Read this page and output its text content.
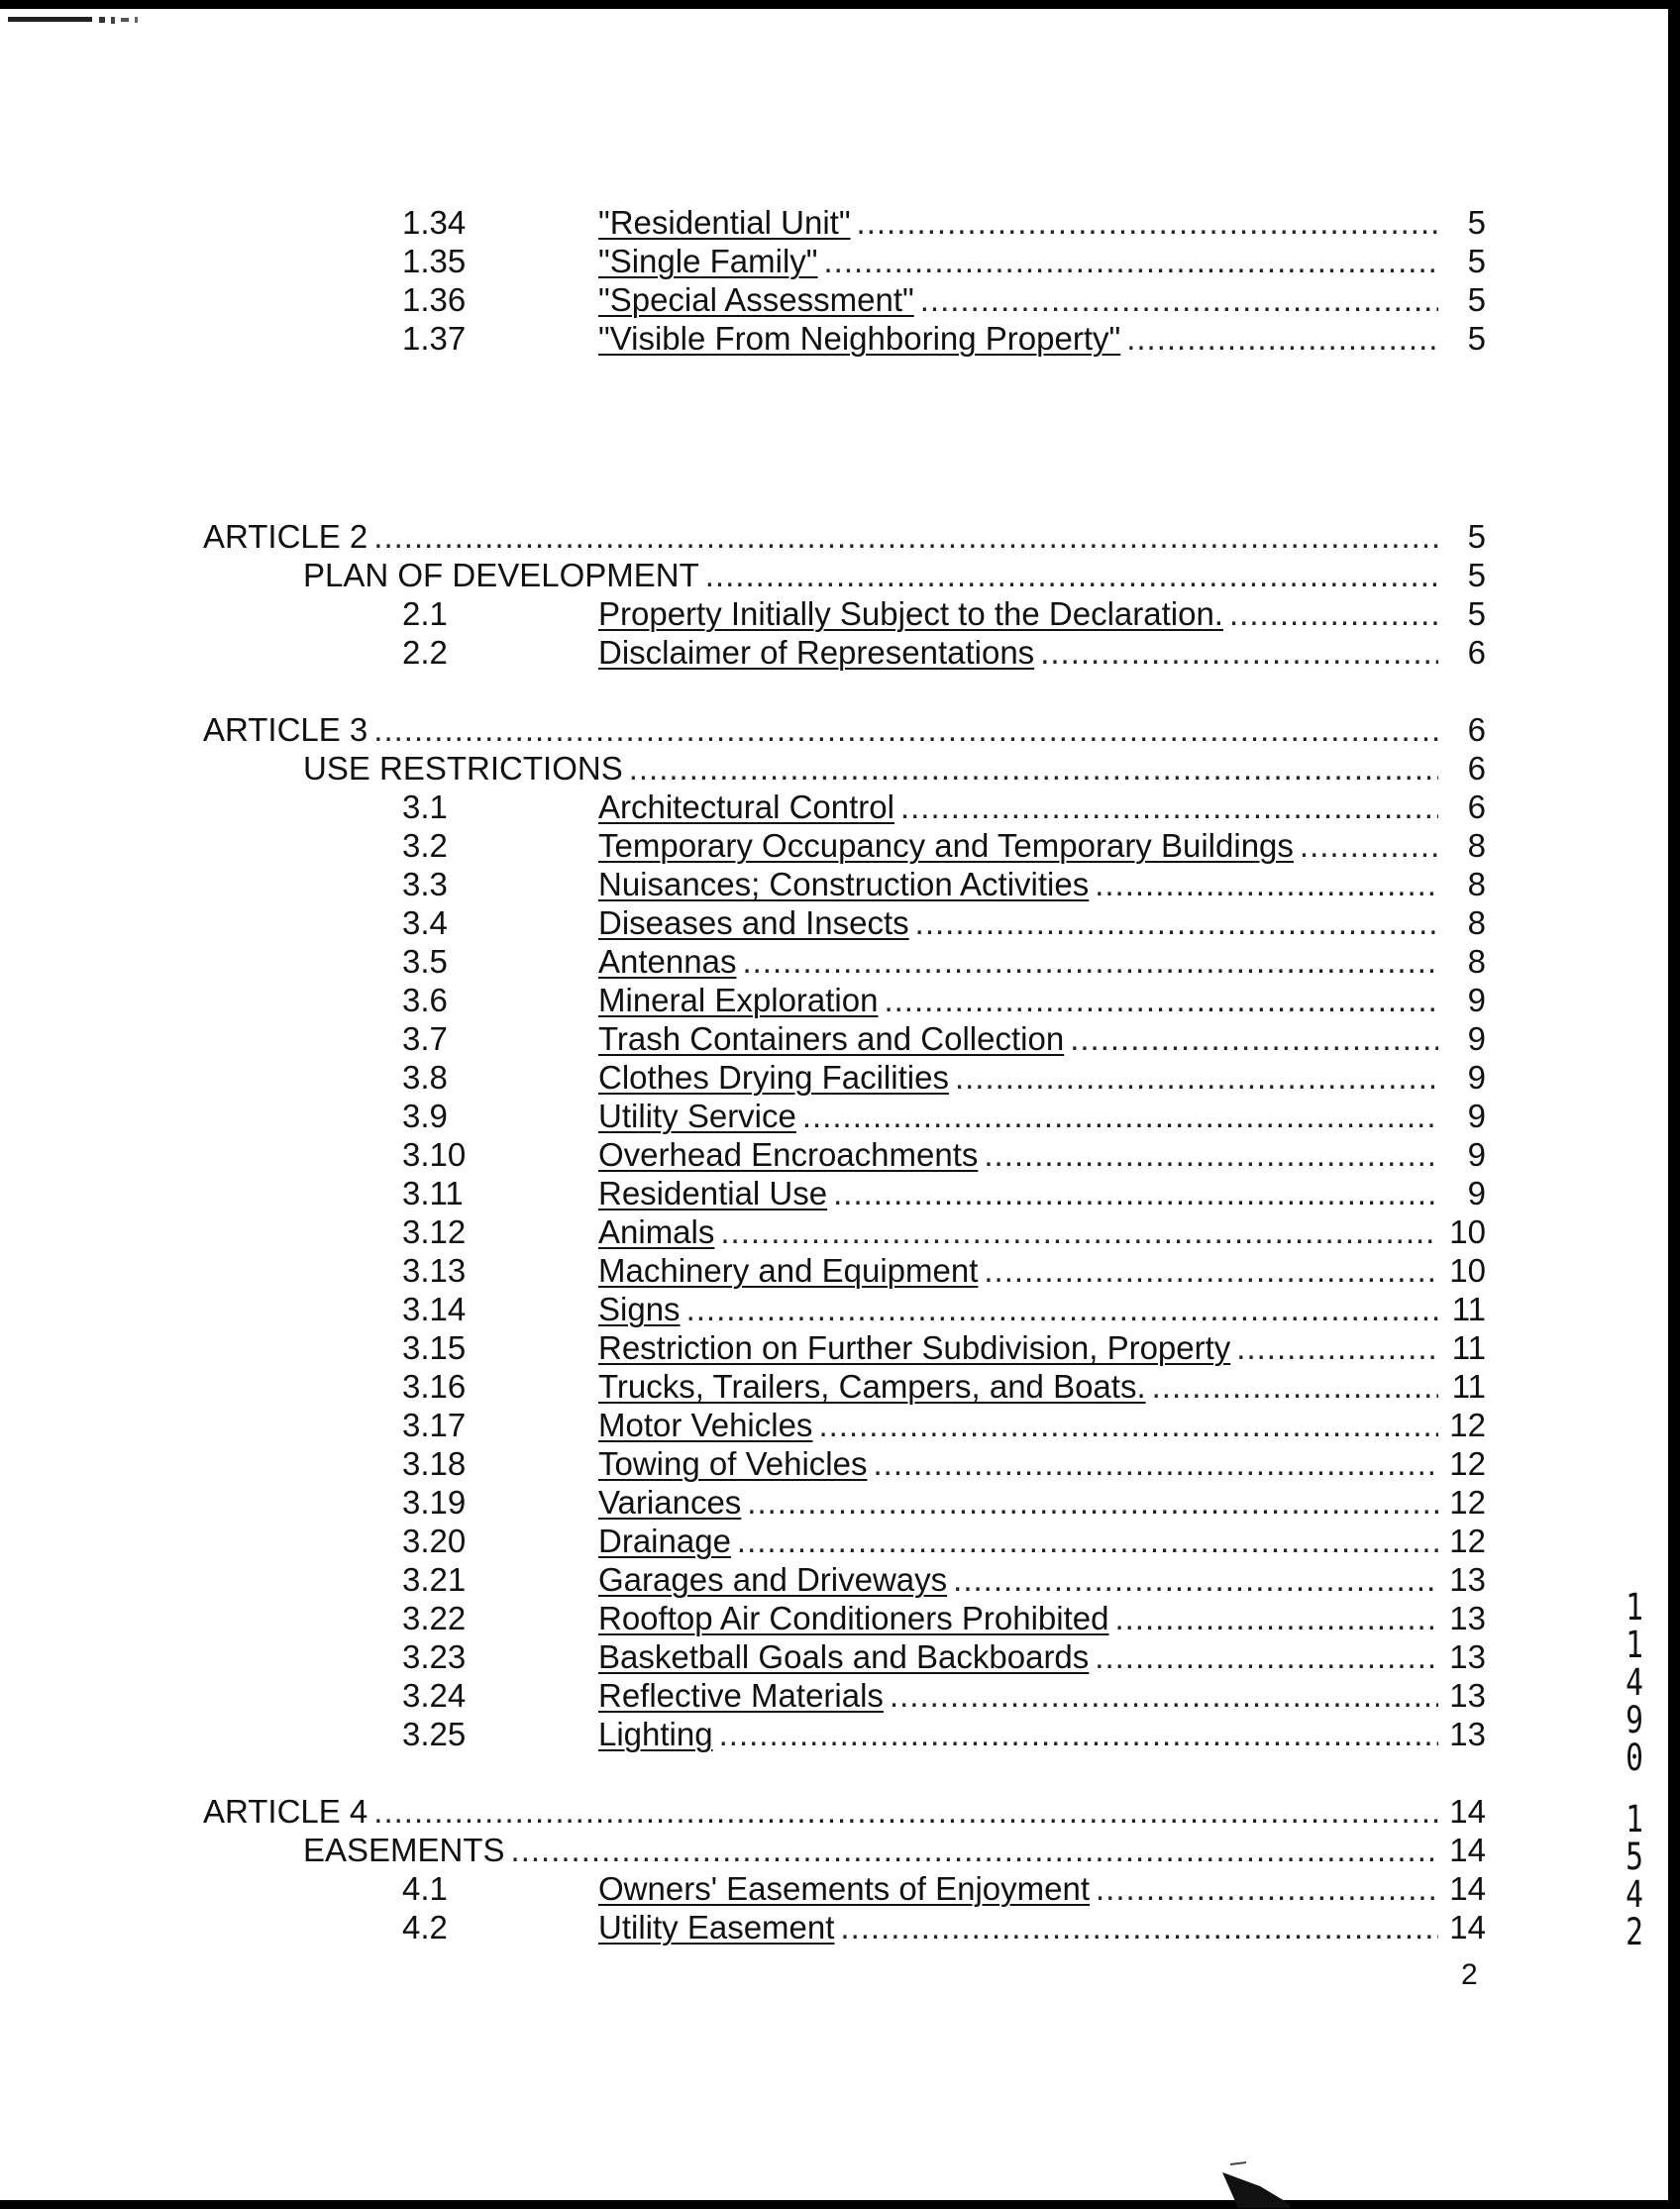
1.34	"Residential Unit" .....	5
1.35	"Single Family" .....	5
1.36	"Special Assessment" .....	5
1.37	"Visible From Neighboring Property" .....	5
ARTICLE 2 .....	5
PLAN OF DEVELOPMENT .....	5
2.1	Property Initially Subject to the Declaration. .....	5
2.2	Disclaimer of Representations .....	6
ARTICLE 3 .....	6
USE RESTRICTIONS .....	6
3.1	Architectural Control .....	6
3.2	Temporary Occupancy and Temporary Buildings .....	8
3.3	Nuisances; Construction Activities .....	8
3.4	Diseases and Insects .....	8
3.5	Antennas .....	8
3.6	Mineral Exploration .....	9
3.7	Trash Containers and Collection .....	9
3.8	Clothes Drying Facilities .....	9
3.9	Utility Service .....	9
3.10	Overhead Encroachments .....	9
3.11	Residential Use .....	9
3.12	Animals .....	10
3.13	Machinery and Equipment .....	10
3.14	Signs .....	11
3.15	Restriction on Further Subdivision, Property .....	11
3.16	Trucks, Trailers, Campers, and Boats. .....	11
3.17	Motor Vehicles .....	12
3.18	Towing of Vehicles .....	12
3.19	Variances .....	12
3.20	Drainage .....	12
3.21	Garages and Driveways .....	13
3.22	Rooftop Air Conditioners Prohibited .....	13
3.23	Basketball Goals and Backboards .....	13
3.24	Reflective Materials .....	13
3.25	Lighting .....	13
ARTICLE 4 .....	14
EASEMENTS .....	14
4.1	Owners' Easements of Enjoyment .....	14
4.2	Utility Easement .....	14
2
1
1
4
9
0
1
5
4
2
